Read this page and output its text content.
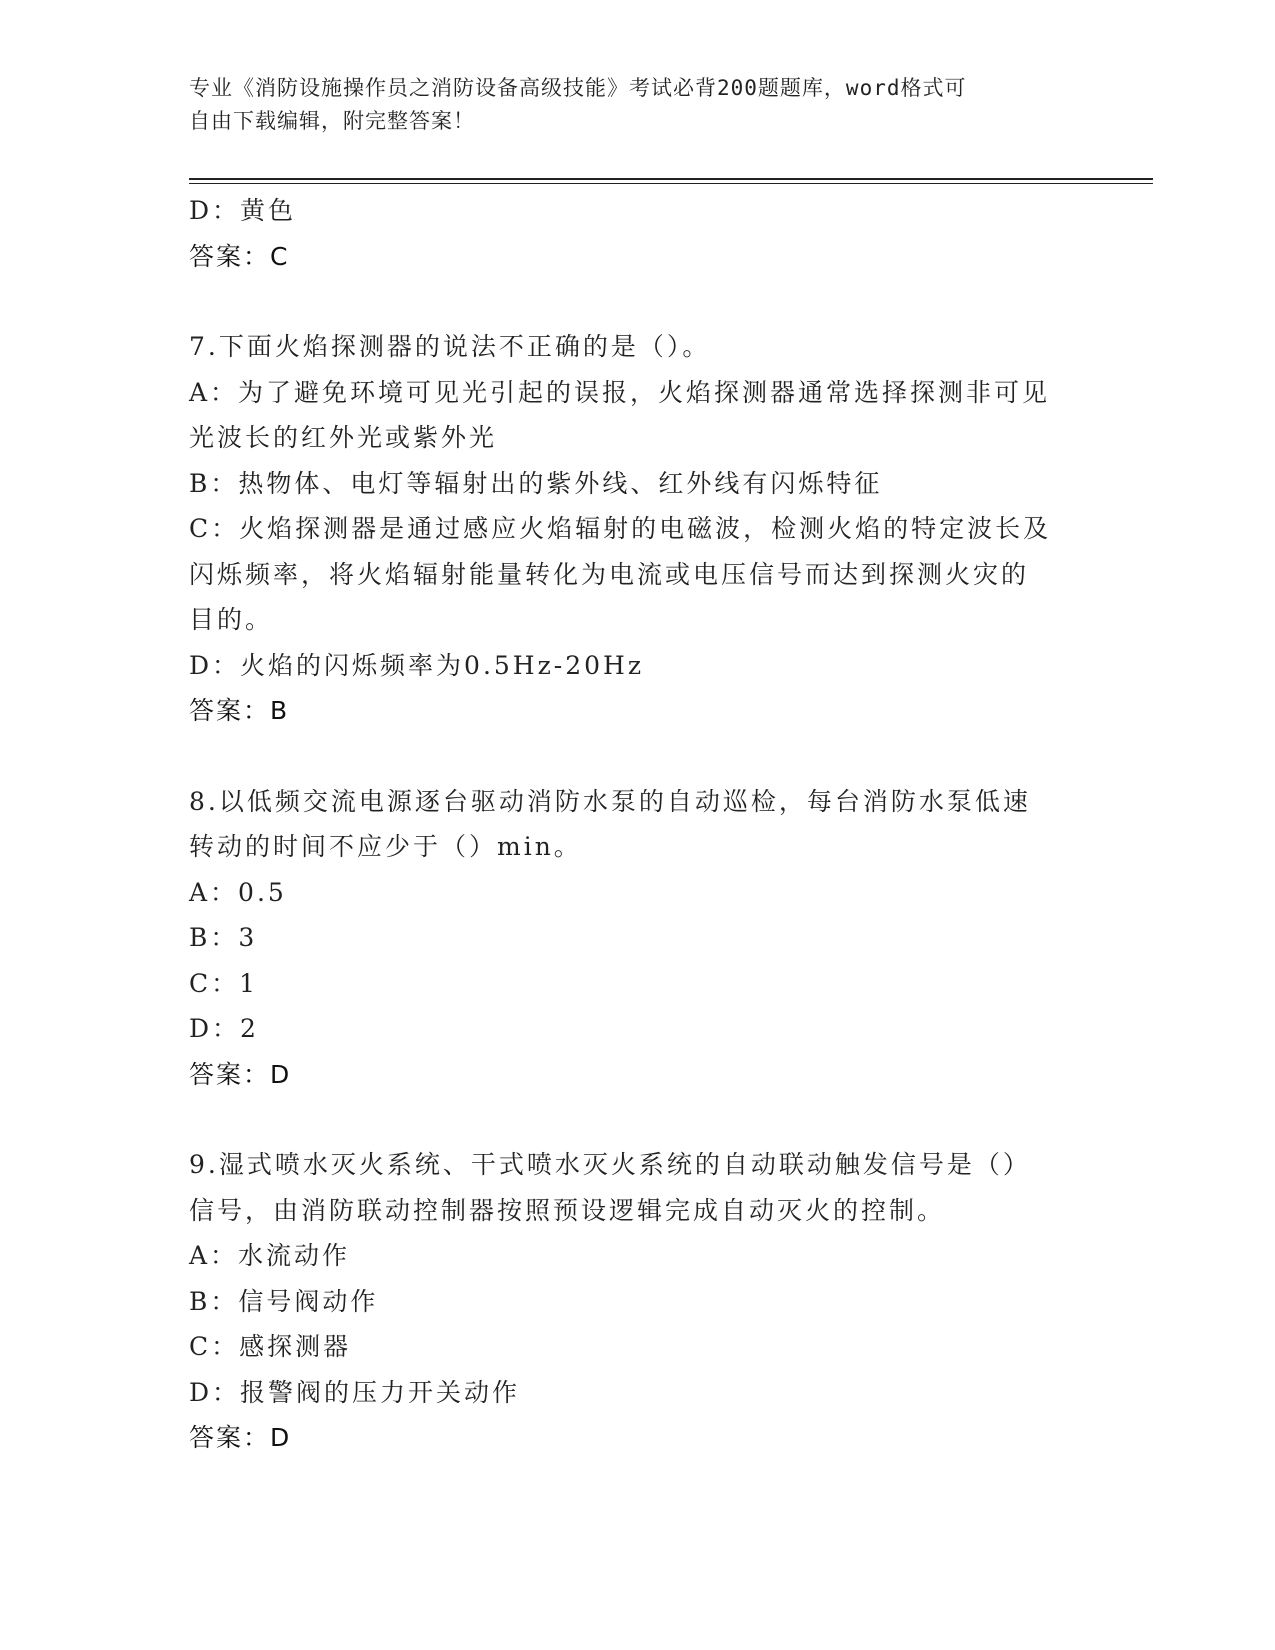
专业《消防设施操作员之消防设备高级技能》考试必背200题题库，word格式可
自由下载编辑，附完整答案！
D：黄色
答案：C
7.下面火焰探测器的说法不正确的是（）。
A：为了避免环境可见光引起的误报，火焰探测器通常选择探测非可见
光波长的红外光或紫外光
B：热物体、电灯等辐射出的紫外线、红外线有闪烁特征
C：火焰探测器是通过感应火焰辐射的电磁波，检测火焰的特定波长及
闪烁频率，将火焰辐射能量转化为电流或电压信号而达到探测火灾的
目的。
D：火焰的闪烁频率为0.5Hz-20Hz
答案：B
8.以低频交流电源逐台驱动消防水泵的自动巡检，每台消防水泵低速
转动的时间不应少于（）min。
A：0.5
B：3
C：1
D：2
答案：D
9.湿式喷水灭火系统、干式喷水灭火系统的自动联动触发信号是（）
信号，由消防联动控制器按照预设逻辑完成自动灭火的控制。
A：水流动作
B：信号阀动作
C：感探测器
D：报警阀的压力开关动作
答案：D
